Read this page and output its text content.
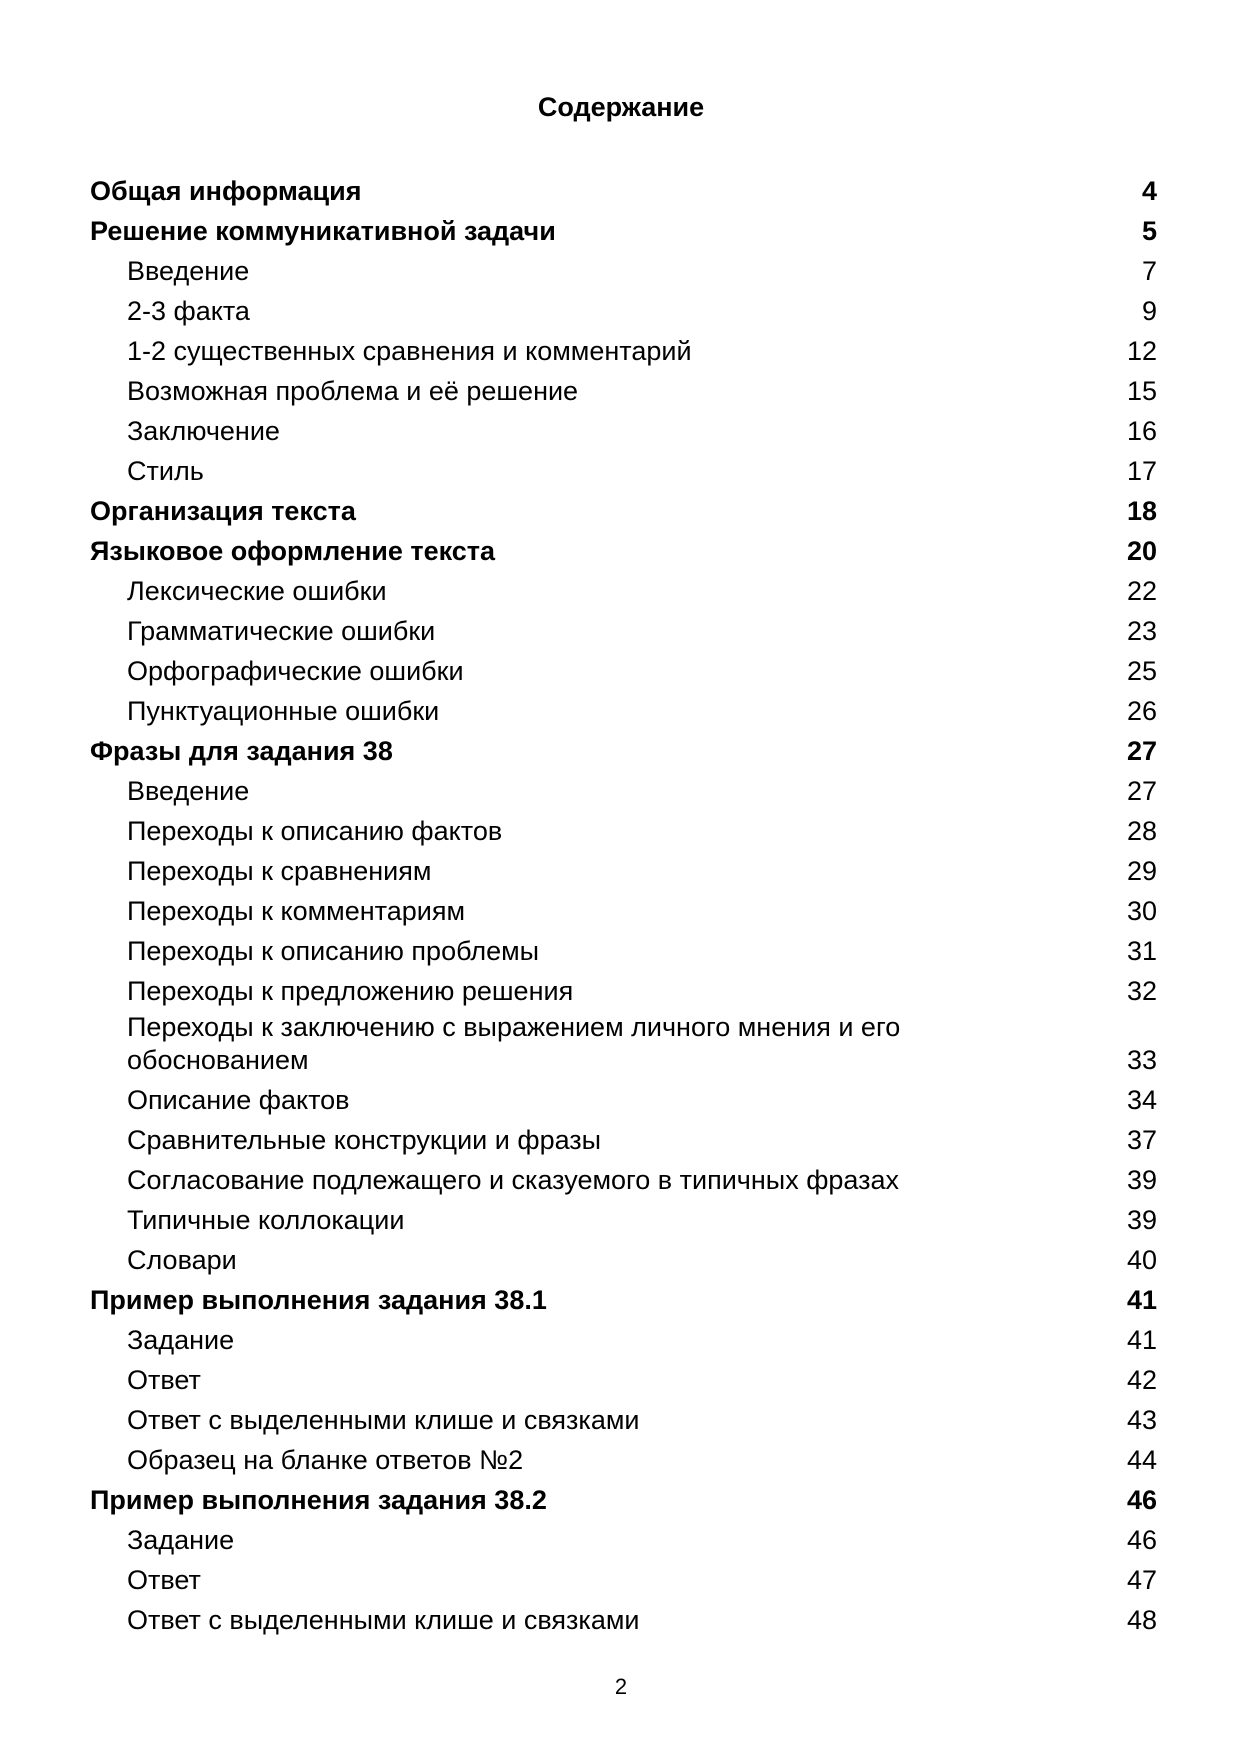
Содержание
Общая информация	4
Решение коммуникативной задачи	5
Введение	7
2-3 факта	9
1-2 существенных сравнения и комментарий	12
Возможная проблема и её решение	15
Заключение	16
Стиль	17
Организация текста	18
Языковое оформление текста	20
Лексические ошибки	22
Грамматические ошибки	23
Орфографические ошибки	25
Пунктуационные ошибки	26
Фразы для задания 38	27
Введение	27
Переходы к описанию фактов	28
Переходы к сравнениям	29
Переходы к комментариям	30
Переходы к описанию проблемы	31
Переходы к предложению решения	32
Переходы к заключению с выражением личного мнения и его обоснованием	33
Описание фактов	34
Сравнительные конструкции и фразы	37
Согласование подлежащего и сказуемого в типичных фразах	39
Типичные коллокации	39
Словари	40
Пример выполнения задания 38.1	41
Задание	41
Ответ	42
Ответ с выделенными клише и связками	43
Образец на бланке ответов №2	44
Пример выполнения задания 38.2	46
Задание	46
Ответ	47
Ответ с выделенными клише и связками	48
2
